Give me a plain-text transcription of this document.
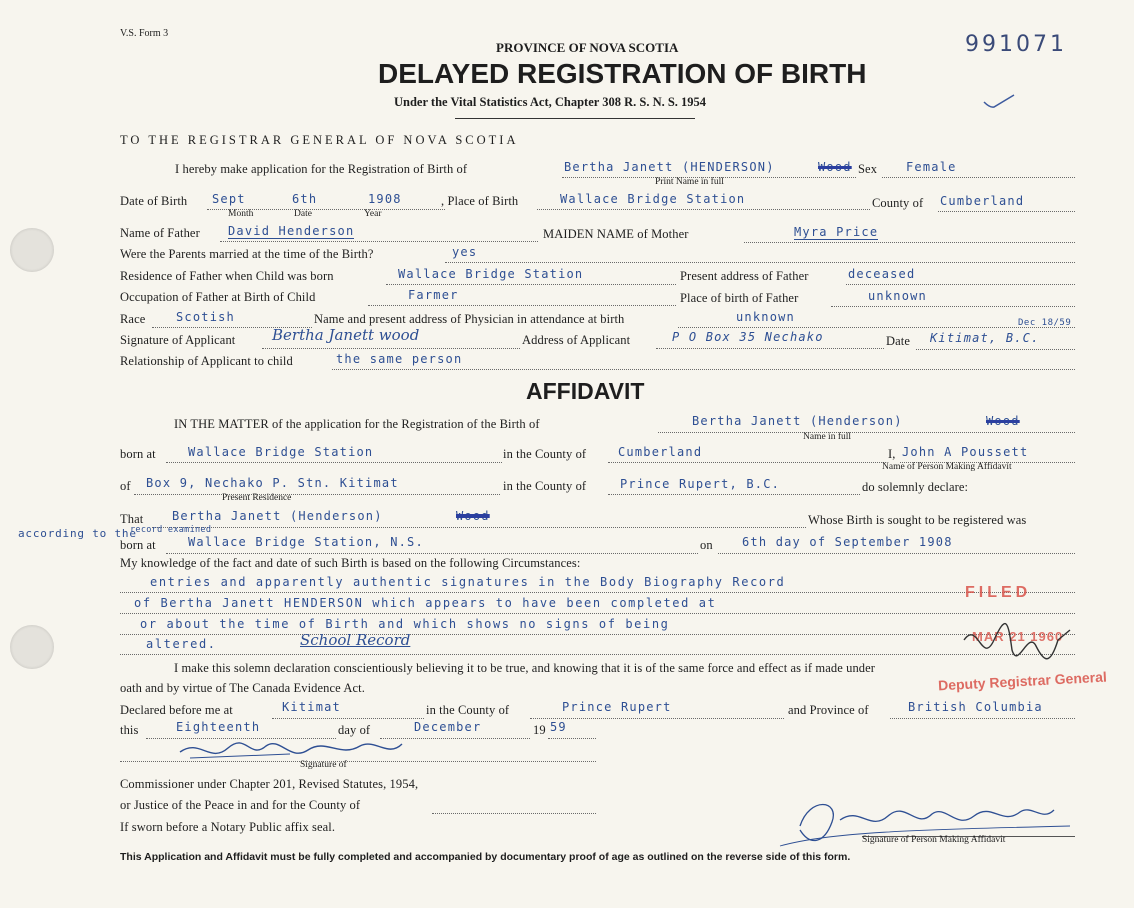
V.S. Form 3	991071
PROVINCE OF NOVA SCOTIA
DELAYED REGISTRATION OF BIRTH
Under the Vital Statistics Act, Chapter 308 R. S. N. S. 1954
TO THE REGISTRAR GENERAL OF NOVA SCOTIA
I hereby make application for the Registration of Birth of	Bertha Janett (HENDERSON)	Wood
Print Name in full
Sex Female
Date of Birth Sept	6th	1908
Month	Date	Year
, Place of Birth	Wallace Bridge Station	County of Cumberland
Name of Father David Henderson	MAIDEN NAME of Mother	Myra Price
Were the Parents married at the time of the Birth?	yes
Residence of Father when Child was born	Wallace Bridge Station	Present address of Father	deceased
Occupation of Father at Birth of Child	Farmer	Place of birth of Father	unknown
Race	Scotish	Name and present address of Physician in attendance at birth	unknown
Signature of Applicant Bertha Janett wood	Address of Applicant	P O Box 35 Nechako	Date Kitimat, B.C.
Dec 18/59
Relationship of Applicant to child	the same person
AFFIDAVIT
IN THE MATTER of the application for the Registration of the Birth of	Bertha Janett (Henderson)	Wood
Name in full
born at	Wallace Bridge Station	in the County of	Cumberland	I, John A Poussett
Name of Person Making Affidavit
of Box 9, Nechako P. Stn. Kitimat
Present Residence
in the County of	Prince Rupert, B.C.	do solemnly declare:
That Bertha Janett (Henderson)	Wood	Whose Birth is sought to be registered was
according to the
record examined
born at	Wallace Bridge Station, N.S.	on 6th day of September 1908
My knowledge of the fact and date of such Birth is based on the following Circumstances:
entries and apparently authentic signatures in the Body Biography Record
of Bertha Janett HENDERSON which appears to have been completed at
or about the time of Birth and which shows no signs of being
altered.	School Record
I make this solemn declaration conscientiously believing it to be true, and knowing that it is of the same force and effect as if made under
oath and by virtue of The Canada Evidence Act.
Declared before me at	Kitimat	in the County of	Prince Rupert	and Province of	British Columbia
this	Eighteenth	day of	December	19 59
Signature of
Commissioner under Chapter 201, Revised Statutes, 1954,
or Justice of the Peace in and for the County of
If sworn before a Notary Public affix seal.
Signature of Person Making Affidavit
FILED
MAR 21 1960
Deputy Registrar General
This Application and Affidavit must be fully completed and accompanied by documentary proof of age as outlined on the reverse side of this form.
